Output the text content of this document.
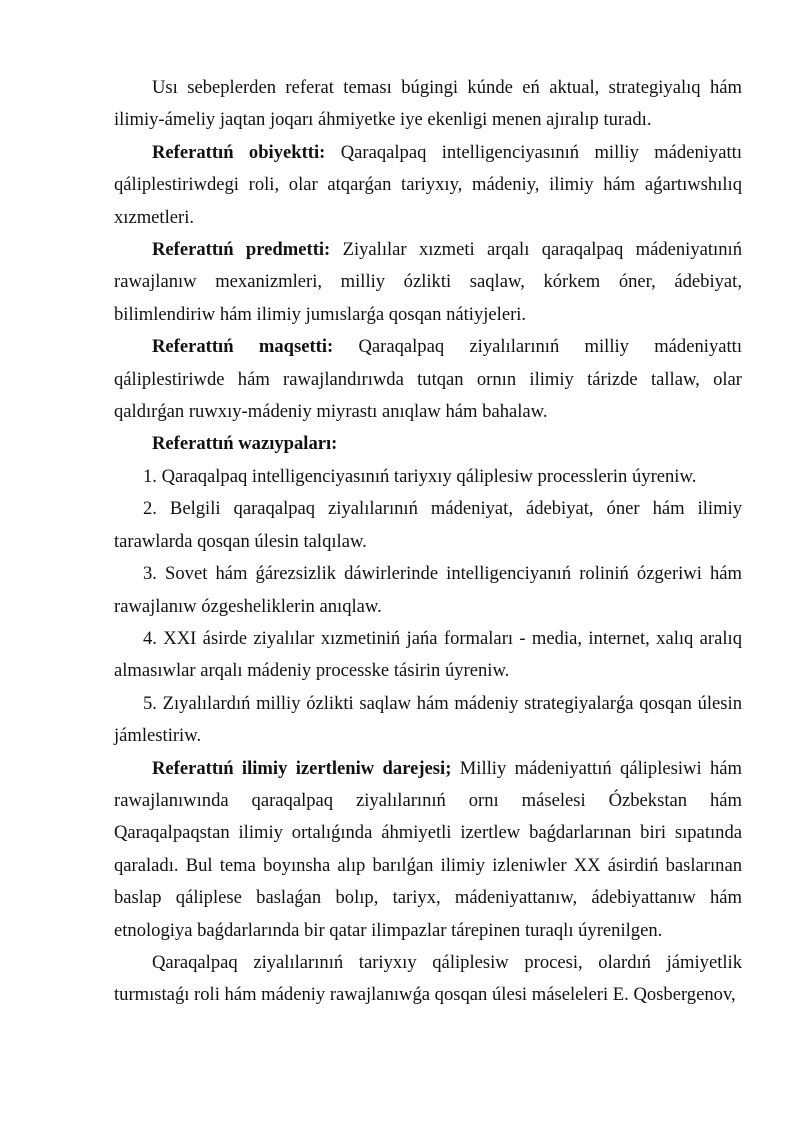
Usı sebeplerden referat teması búgingi kúnde eń aktual, strategiyalıq hám ilimiy-ámeliy jaqtan joqarı áhmiyetke iye ekenligi menen ajıralıp turadı.

Referattıń obiyektti: Qaraqalpaq intelligenciyasınıń milliy mádeniyattı qáliplestiriwdegi roli, olar atqarǵan tariyxıy, mádeniy, ilimiy hám aǵartıwshılıq xızmetleri.

Referattıń predmetti: Ziyalılar xızmeti arqalı qaraqalpaq mádeniyatınıń rawajlanıw mexanizmleri, milliy ózlikti saqlaw, kórkem óner, ádebiyat, bilimlendiriw hám ilimiy jumıslarǵa qosqan nátiyjeleri.

Referattıń maqsetti: Qaraqalpaq ziyalılarınıń milliy mádeniyattı qáliplestiriwde hám rawajlandırıwda tutqan ornın ilimiy tárizde tallaw, olar qaldırǵan ruwxıy-mádeniy miyrastı anıqlaw hám bahalaw.

Referattıń wazıypaları:

1. Qaraqalpaq intelligenciyasınıń tariyxıy qáliplesiw processlerin úyreniw.

2. Belgili qaraqalpaq ziyalılarınıń mádeniyat, ádebiyat, óner hám ilimiy tarawlarda qosqan úlesin talqılaw.

3. Sovet hám ǵárezsizlik dáwirlerinde intelligenciyanıń roliniń ózgeriwi hám rawajlanıw ózgesheliklerin anıqlaw.

4. XXI ásirde ziyalılar xızmetiniń jańa formaları - media, internet, xalıq aralıq almasıwlar arqalı mádeniy processke tásirin úyreniw.

5. Zıyalılardıń milliy ózlikti saqlaw hám mádeniy strategiyalarǵa qosqan úlesin jámlestiriw.

Referattıń ilimiy izertleniw darejesi; Milliy mádeniyattıń qáliplesiwi hám rawajlanıwında qaraqalpaq ziyalılarınıń ornı máselesi Ózbekstan hám Qaraqalpaqstan ilimiy ortalıǵında áhmiyetli izertlew baǵdarlarınan biri sıpatında qaraladı. Bul tema boyınsha alıp barılǵan ilimiy izleniwler XX ásirdiń baslarınan baslap qáliplese baslaǵan bolıp, tariyx, mádeniyattanıw, ádebiyattanıw hám etnologiya baǵdarlarında bir qatar ilimpazlar tárepinen turaqlı úyrenilgen.

Qaraqalpaq ziyalılarınıń tariyxıy qáliplesiw procesi, olardıń jámiyetlik turmıstaǵı roli hám mádeniy rawajlanıwǵa qosqan úlesi máseleleri E. Qosbergenov,
